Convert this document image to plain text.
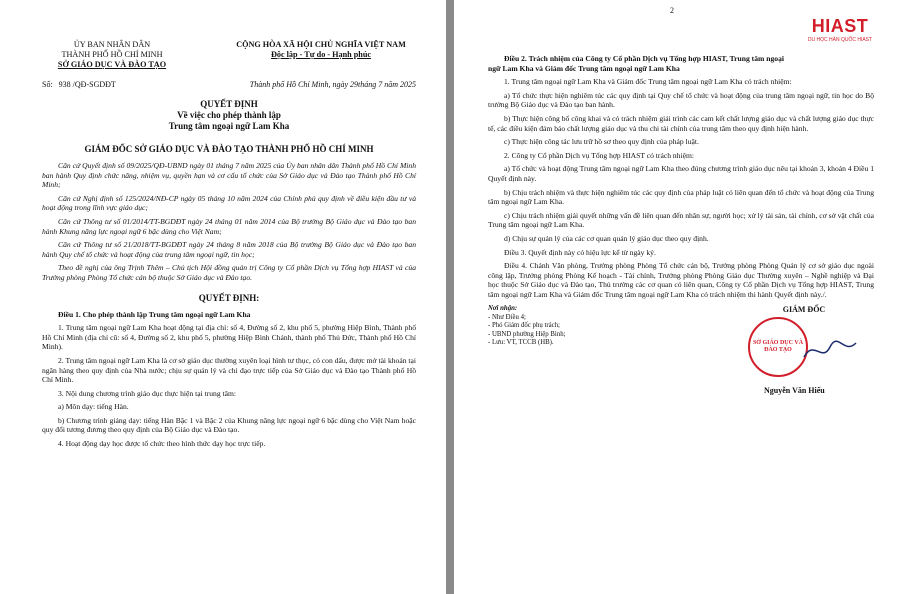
ỦY BAN NHÂN DÂN
THÀNH PHỐ HỒ CHÍ MINH
SỞ GIÁO DỤC VÀ ĐÀO TẠO
CỘNG HÒA XÃ HỘI CHỦ NGHĨA VIỆT NAM
Độc lập - Tự do - Hạnh phúc
Số: 938 /QĐ-SGDĐT	Thành phố Hồ Chí Minh, ngày 29tháng 7 năm 2025
QUYẾT ĐỊNH
Về việc cho phép thành lập
Trung tâm ngoại ngữ Lam Kha
GIÁM ĐỐC SỞ GIÁO DỤC VÀ ĐÀO TẠO THÀNH PHỐ HỒ CHÍ MINH

Căn cứ Quyết định số 09/2025/QĐ-UBND ngày 01 tháng 7 năm 2025 của Ủy ban nhân dân Thành phố Hồ Chí Minh ban hành Quy định chức năng, nhiệm vụ, quyền hạn và cơ cấu tổ chức của Sở Giáo dục và Đào tạo Thành phố Hồ Chí Minh;

Căn cứ Nghị định số 125/2024/NĐ-CP ngày 05 tháng 10 năm 2024 của Chính phủ quy định về điều kiện đầu tư và hoạt động trong lĩnh vực giáo dục;

Căn cứ Thông tư số 01/2014/TT-BGDĐT ngày 24 tháng 01 năm 2014 của Bộ trưởng Bộ Giáo dục và Đào tạo ban hành Khung năng lực ngoại ngữ 6 bậc dùng cho Việt Nam;

Căn cứ Thông tư số 21/2018/TT-BGDĐT ngày 24 tháng 8 năm 2018 của Bộ trưởng Bộ Giáo dục và Đào tạo ban hành Quy chế tổ chức và hoạt động của trung tâm ngoại ngữ, tin học;

Theo đề nghị của ông Trịnh Thêm – Chủ tịch Hội đồng quản trị Công ty Cổ phần Dịch vụ Tổng hợp HIAST và của Trưởng phòng Phòng Tổ chức cán bộ thuộc Sở Giáo dục và Đào tạo.

QUYẾT ĐỊNH:

Điều 1. Cho phép thành lập Trung tâm ngoại ngữ Lam Kha

1. Trung tâm ngoại ngữ Lam Kha hoạt động tại địa chỉ: số 4, Đường số 2, khu phố 5, phường Hiệp Bình, Thành phố Hồ Chí Minh (địa chỉ cũ: số 4, Đường số 2, khu phố 5, phường Hiệp Bình Chánh, thành phố Thủ Đức, Thành phố Hồ Chí Minh).

2. Trung tâm ngoại ngữ Lam Kha là cơ sở giáo dục thường xuyên loại hình tư thục, có con dấu, được mở tài khoản tại ngân hàng theo quy định của Nhà nước; chịu sự quản lý và chỉ đạo trực tiếp của Sở Giáo dục và Đào tạo Thành phố Hồ Chí Minh.

3. Nội dung chương trình giáo dục thực hiện tại trung tâm:

a) Môn dạy: tiếng Hàn.

b) Chương trình giảng dạy: tiếng Hàn Bậc 1 và Bậc 2 của Khung năng lực ngoại ngữ 6 bậc dùng cho Việt Nam hoặc quy đổi tương đương theo quy định của Bộ Giáo dục và Đào tạo.

4. Hoạt động dạy học được tổ chức theo hình thức dạy học trực tiếp.

2
HIAST
DU HỌC HÀN QUỐC HIAST

Điều 2. Trách nhiệm của Công ty Cổ phần Dịch vụ Tổng hợp HIAST, Trung tâm ngoại ngữ Lam Kha và Giám đốc Trung tâm ngoại ngữ Lam Kha

1. Trung tâm ngoại ngữ Lam Kha và Giám đốc Trung tâm ngoại ngữ Lam Kha có trách nhiệm:

a) Tổ chức thực hiện nghiêm túc các quy định tại Quy chế tổ chức và hoạt động của trung tâm ngoại ngữ, tin học do Bộ trưởng Bộ Giáo dục và Đào tạo ban hành.

b) Thực hiện công bố công khai và có trách nhiệm giải trình các cam kết chất lượng giáo dục và chất lượng giáo dục thực tế, các điều kiện đảm bảo chất lượng giáo dục và thu chi tài chính của trung tâm theo quy định hiện hành.

c) Thực hiện công tác lưu trữ hồ sơ theo quy định của pháp luật.

2. Công ty Cổ phần Dịch vụ Tổng hợp HIAST có trách nhiệm:

a) Tổ chức và hoạt động Trung tâm ngoại ngữ Lam Kha theo đúng chương trình giáo dục nêu tại khoản 3, khoản 4 Điều 1 Quyết định này.

b) Chịu trách nhiệm và thực hiện nghiêm túc các quy định của pháp luật có liên quan đến tổ chức và hoạt động của Trung tâm ngoại ngữ Lam Kha.

c) Chịu trách nhiệm giải quyết những vấn đề liên quan đến nhân sự, người học; xử lý tài sản, tài chính, cơ sở vật chất của Trung tâm ngoại ngữ Lam Kha.

d) Chịu sự quản lý của các cơ quan quản lý giáo dục theo quy định.

Điều 3. Quyết định này có hiệu lực kể từ ngày ký.

Điều 4. Chánh Văn phòng, Trưởng phòng Phòng Tổ chức cán bộ, Trưởng phòng Phòng Quản lý cơ sở giáo dục ngoài công lập, Trưởng phòng Phòng Kế hoạch - Tài chính, Trưởng phòng Phòng Giáo dục Thường xuyên – Nghề nghiệp và Đại học thuộc Sở Giáo dục và Đào tạo, Thủ trưởng các cơ quan có liên quan, Công ty Cổ phần Dịch vụ Tổng hợp HIAST, Trung tâm ngoại ngữ Lam Kha và Giám đốc Trung tâm ngoại ngữ Lam Kha có trách nhiệm thi hành Quyết định này./.

Nơi nhận:
- Như Điều 4;
- Phó Giám đốc phụ trách;
- UBND phường Hiệp Bình;
- Lưu: VT, TCCB (HB).
GIÁM ĐỐC
SỞ GIÁO DỤC VÀ ĐÀO TẠO
Nguyễn Văn Hiếu
